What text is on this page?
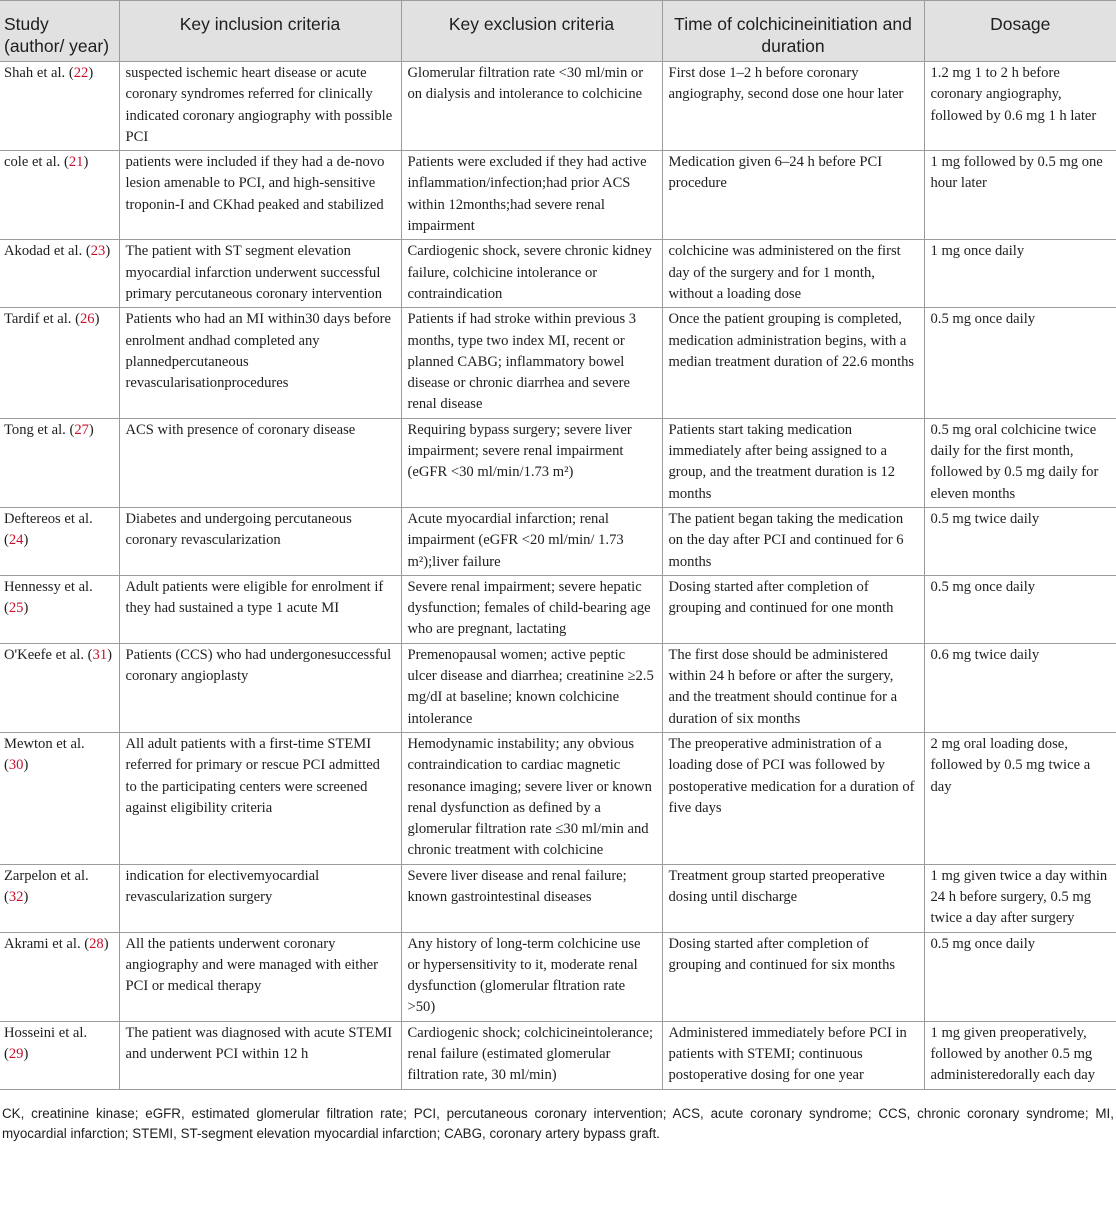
Study (author/ year)	Key inclusion criteria	Key exclusion criteria	Time of colchicineinitiation and duration	Dosage
Shah et al. (22)	suspected ischemic heart disease or acute coronary syndromes referred for clinically indicated coronary angiography with possible PCI	Glomerular filtration rate <30 ml/min or on dialysis and intolerance to colchicine	First dose 1–2 h before coronary angiography, second dose one hour later	1.2 mg 1 to 2 h before coronary angiography, followed by 0.6 mg 1 h later
cole et al. (21)	patients were included if they had a de-novo lesion amenable to PCI, and high-sensitive troponin-I and CKhad peaked and stabilized	Patients were excluded if they had active inflammation/infection;had prior ACS within 12months;had severe renal impairment	Medication given 6–24 h before PCI procedure	1 mg followed by 0.5 mg one hour later
Akodad et al. (23)	The patient with ST segment elevation myocardial infarction underwent successful primary percutaneous coronary intervention	Cardiogenic shock, severe chronic kidney failure, colchicine intolerance or contraindication	colchicine was administered on the first day of the surgery and for 1 month, without a loading dose	1 mg once daily
Tardif et al. (26)	Patients who had an MI within30 days before enrolment andhad completed any plannedpercutaneous revascularisationprocedures	Patients if had stroke within previous 3 months, type two index MI, recent or planned CABG; inflammatory bowel disease or chronic diarrhea and severe renal disease	Once the patient grouping is completed, medication administration begins, with a median treatment duration of 22.6 months	0.5 mg once daily
Tong et al. (27)	ACS with presence of coronary disease	Requiring bypass surgery; severe liver impairment; severe renal impairment (eGFR <30 ml/min/1.73 m²)	Patients start taking medication immediately after being assigned to a group, and the treatment duration is 12 months	0.5 mg oral colchicine twice daily for the first month, followed by 0.5 mg daily for eleven months
Deftereos et al. (24)	Diabetes and undergoing percutaneous coronary revascularization	Acute myocardial infarction; renal impairment (eGFR <20 ml/min/ 1.73 m²);liver failure	The patient began taking the medication on the day after PCI and continued for 6 months	0.5 mg twice daily
Hennessy et al. (25)	Adult patients were eligible for enrolment if they had sustained a type 1 acute MI	Severe renal impairment; severe hepatic dysfunction; females of child-bearing age who are pregnant, lactating	Dosing started after completion of grouping and continued for one month	0.5 mg once daily
O'Keefe et al. (31)	Patients (CCS) who had undergonesuccessful coronary angioplasty	Premenopausal women; active peptic ulcer disease and diarrhea; creatinine ≥2.5 mg/dI at baseline; known colchicine intolerance	The first dose should be administered within 24 h before or after the surgery, and the treatment should continue for a duration of six months	0.6 mg twice daily
Mewton et al. (30)	All adult patients with a first-time STEMI referred for primary or rescue PCI admitted to the participating centers were screened against eligibility criteria	Hemodynamic instability; any obvious contraindication to cardiac magnetic resonance imaging; severe liver or known renal dysfunction as defined by a glomerular filtration rate ≤30 ml/min and chronic treatment with colchicine	The preoperative administration of a loading dose of PCI was followed by postoperative medication for a duration of five days	2 mg oral loading dose, followed by 0.5 mg twice a day
Zarpelon et al. (32)	indication for electivemyocardial revascularization surgery	Severe liver disease and renal failure; known gastrointestinal diseases	Treatment group started preoperative dosing until discharge	1 mg given twice a day within 24 h before surgery, 0.5 mg twice a day after surgery
Akrami et al. (28)	All the patients underwent coronary angiography and were managed with either PCI or medical therapy	Any history of long-term colchicine use or hypersensitivity to it, moderate renal dysfunction (glomerular fltration rate >50)	Dosing started after completion of grouping and continued for six months	0.5 mg once daily
Hosseini et al. (29)	The patient was diagnosed with acute STEMI and underwent PCI within 12 h	Cardiogenic shock; colchicineintolerance; renal failure (estimated glomerular filtration rate, 30 ml/min)	Administered immediately before PCI in patients with STEMI; continuous postoperative dosing for one year	1 mg given preoperatively, followed by another 0.5 mg administeredorally each day
CK, creatinine kinase; eGFR, estimated glomerular filtration rate; PCI, percutaneous coronary intervention; ACS, acute coronary syndrome; CCS, chronic coronary syndrome; MI, myocardial infarction; STEMI, ST-segment elevation myocardial infarction; CABG, coronary artery bypass graft.
